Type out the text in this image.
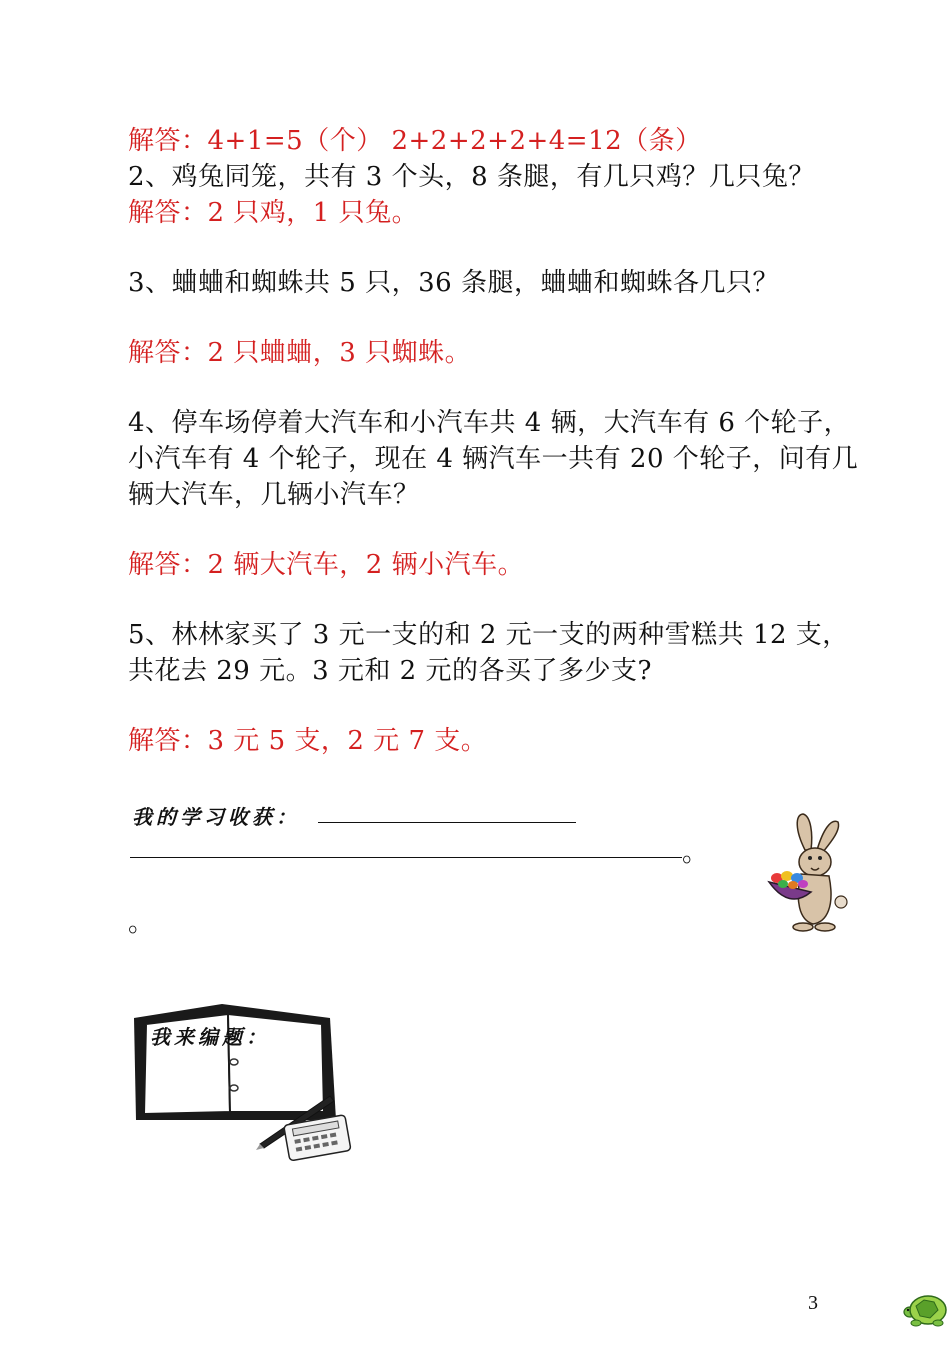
解答：4+1=5（个） 2+2+2+2+4=12（条）
2、鸡兔同笼，共有 3 个头，8 条腿，有几只鸡？几只兔？
解答：2 只鸡，1 只兔。
3、蛐蛐和蜘蛛共 5 只，36 条腿，蛐蛐和蜘蛛各几只？
解答：2 只蛐蛐，3 只蜘蛛。
4、停车场停着大汽车和小汽车共 4 辆，大汽车有 6 个轮子，
小汽车有 4 个轮子，现在 4 辆汽车一共有 20 个轮子，问有几
辆大汽车，几辆小汽车？
解答：2 辆大汽车，2 辆小汽车。
5、林林家买了 3 元一支的和 2 元一支的两种雪糕共 12 支，
共花去 29 元。3 元和 2 元的各买了多少支?
解答：3 元 5 支，2 元 7 支。
我的学习收获：
。
。
我来编题：
3
